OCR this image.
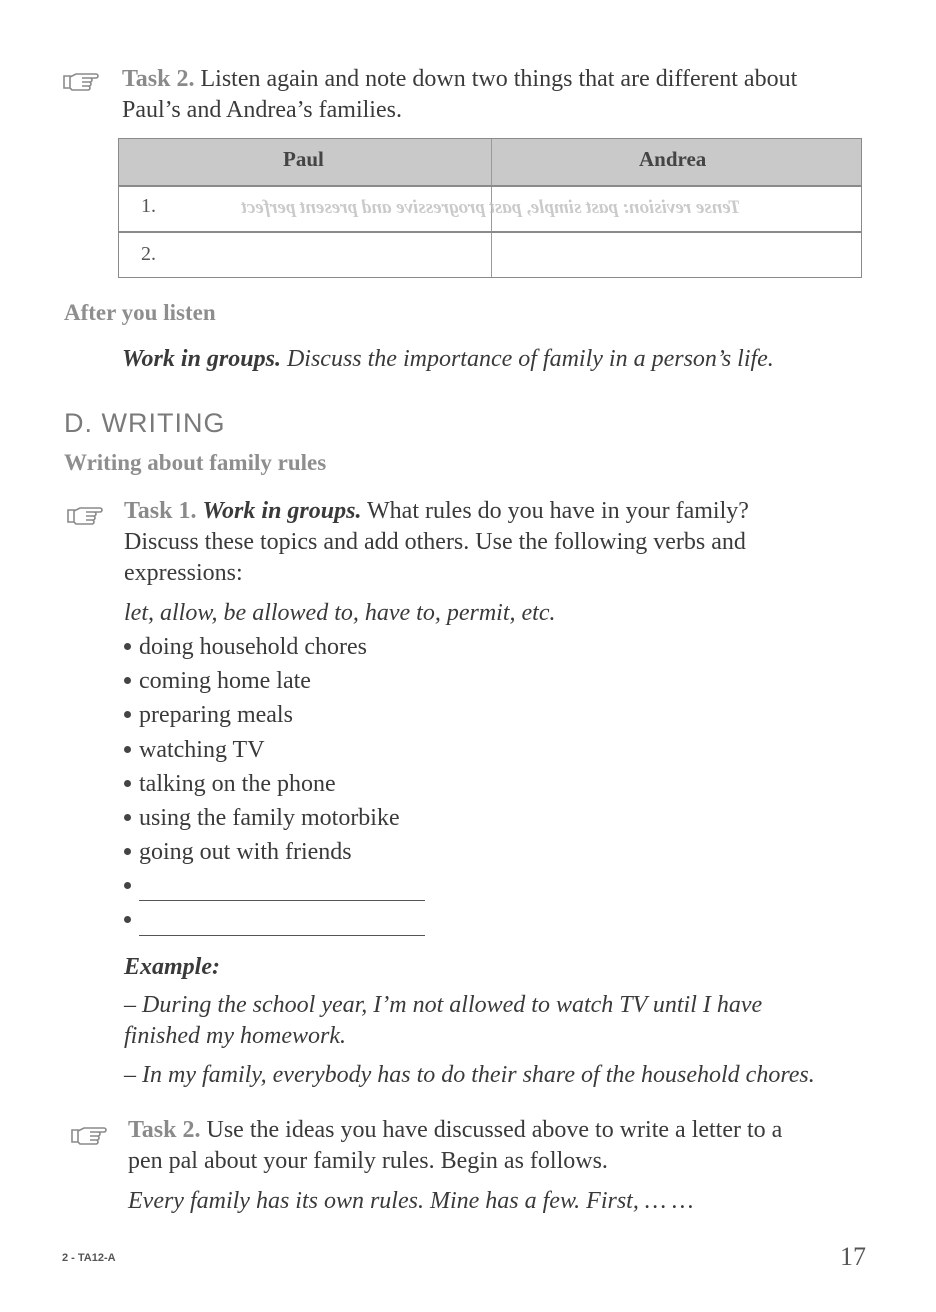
Task 2. Listen again and note down two things that are different about
Paul’s and Andrea’s families.
Paul	Andrea
Tense revision: past simple, past progressive and present perfect
1.
2.
After you listen
Work in groups. Discuss the importance of family in a person’s life.
D. WRITING
Writing about family rules
Task 1. Work in groups. What rules do you have in your family?
Discuss these topics and add others. Use the following verbs and
expressions:
let, allow, be allowed to, have to, permit, etc.
doing household chores
coming home late
preparing meals
watching TV
talking on the phone
using the family motorbike
going out with friends
Example:
– During the school year, I’m not allowed to watch TV until I have
finished my homework.
– In my family, everybody has to do their share of the household chores.
Task 2. Use the ideas you have discussed above to write a letter to a
pen pal about your family rules. Begin as follows.
Every family has its own rules. Mine has a few. First, … …
2 - TA12-A	17
